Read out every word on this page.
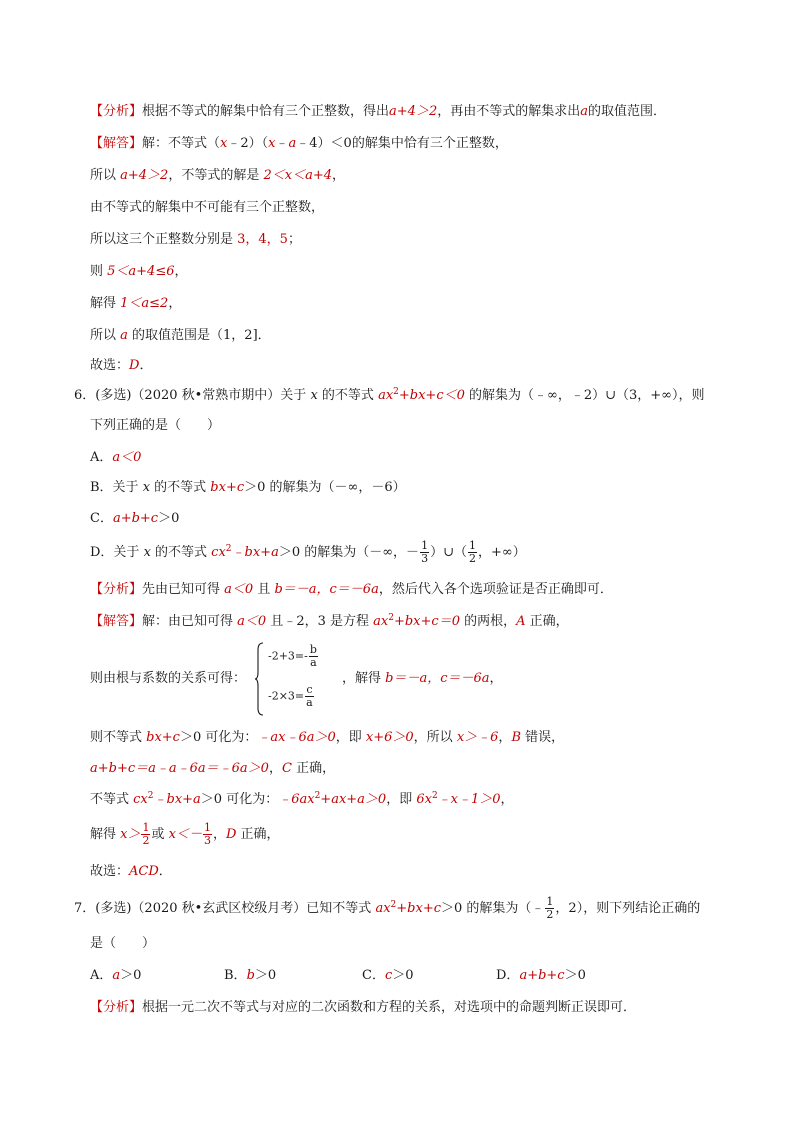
【分析】根据不等式的解集中恰有三个正整数，得出a+4＞2，再由不等式的解集求出a的取值范围．
【解答】解：不等式（x﹣2）（x﹣a﹣4）＜0的解集中恰有三个正整数，
所以 a+4＞2，不等式的解是 2＜x＜a+4，
由不等式的解集中不可能有三个正整数，
所以这三个正整数分别是 3，4，5；
则 5＜a+4≤6，
解得 1＜a≤2，
所以 a 的取值范围是（1，2]．
故选：D．
6．(多选)（2020 秋•常熟市期中）关于 x 的不等式 $ax^2+bx+c<0$ 的解集为（﹣∞，﹣2）∪（3，+∞），则
下列正确的是（　　）
A．a＜0
B．关于 x 的不等式 bx+c＞0 的解集为（－∞，－6）
C．a+b+c＞0
D．关于 x 的不等式 $cx^2﹣bx+a>0$ 的解集为（－∞，－ $\frac{1}{3}$ ）∪（ $\frac{1}{2}$ ，+∞）
【分析】先由已知可得 a＜0 且 b＝－a，c＝－6a，然后代入各个选项验证是否正确即可．
【解答】解：由已知可得 a＜0 且﹣2，3 是方程 $ax^2+bx+c=0$ 的两根，A 正确，
则由根与系数的关系可得：
$-2+3=- \frac{b}{a}$
$-2\times 3= \frac{c}{a}$
，解得 b＝－a，c＝－6a，
则不等式 bx+c＞0 可化为：﹣ax﹣6a＞0，即 x+6＞0，所以 x＞﹣6，B 错误，
a+b+c＝a﹣a﹣6a＝﹣6a＞0，C 正确，
不等式 $cx^2﹣bx+a>0$ 可化为：$﹣6ax^2+ax+a>0$，即 $6x^2﹣x﹣1>0$，
解得 $x> \frac{1}{2}$ 或 $x<- \frac{1}{3}$ ，D 正确，
故选：ACD．
7．(多选)（2020 秋•玄武区校级月考）已知不等式 $ax^2+bx+c>0$ 的解集为（﹣ $\frac{1}{2}$ ，2），则下列结论正确的
是（　　）
A．a＞0	B．b＞0	C．c＞0	D．a+b+c＞0
【分析】根据一元二次不等式与对应的二次函数和方程的关系，对选项中的命题判断正误即可．
